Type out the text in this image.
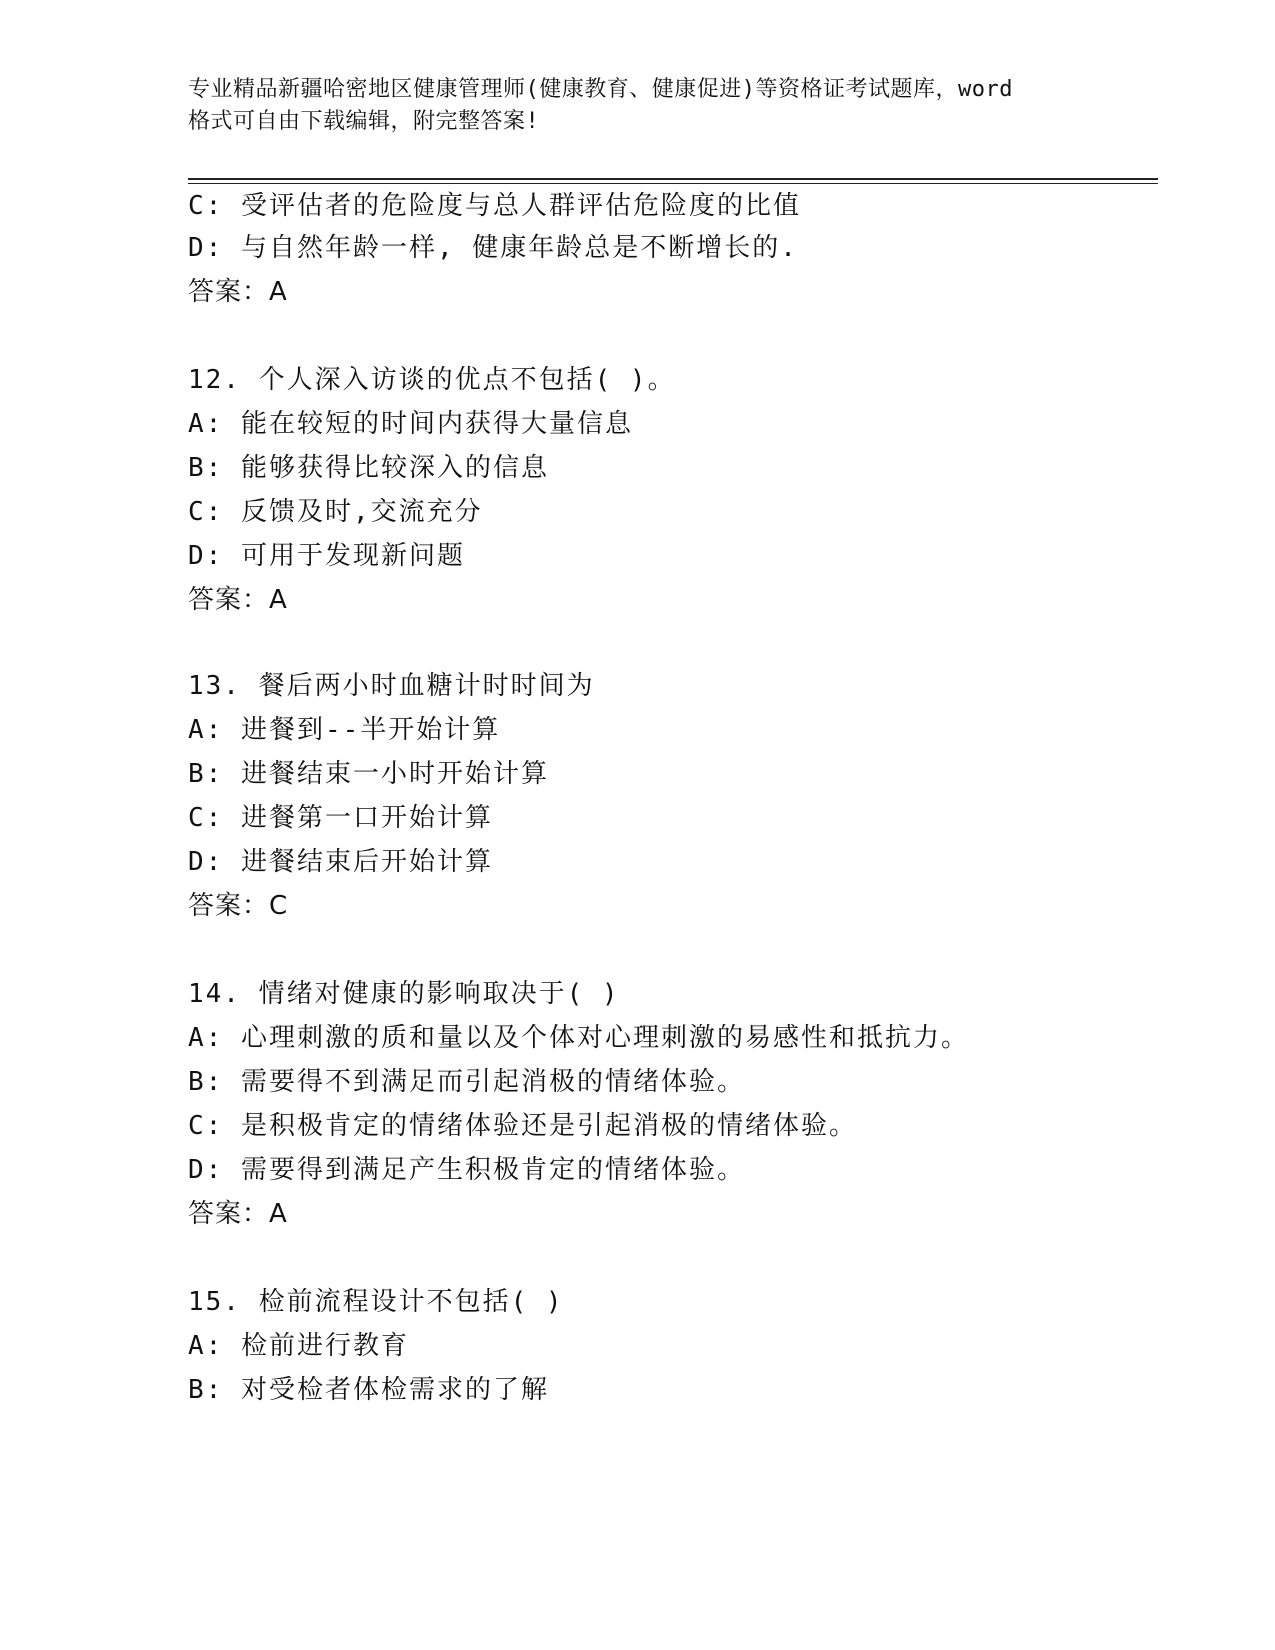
专业精品新疆哈密地区健康管理师(健康教育、健康促进)等资格证考试题库，word
格式可自由下载编辑，附完整答案!
C: 受评估者的危险度与总人群评估危险度的比值
D: 与自然年龄一样, 健康年龄总是不断增长的.
答案：A
12. 个人深入访谈的优点不包括( )。
A: 能在较短的时间内获得大量信息
B: 能够获得比较深入的信息
C: 反馈及时,交流充分
D: 可用于发现新问题
答案：A
13. 餐后两小时血糖计时时间为
A: 进餐到--半开始计算
B: 进餐结束一小时开始计算
C: 进餐第一口开始计算
D: 进餐结束后开始计算
答案：C
14. 情绪对健康的影响取决于( )
A: 心理刺激的质和量以及个体对心理刺激的易感性和抵抗力。
B: 需要得不到满足而引起消极的情绪体验。
C: 是积极肯定的情绪体验还是引起消极的情绪体验。
D: 需要得到满足产生积极肯定的情绪体验。
答案：A
15. 检前流程设计不包括( )
A: 检前进行教育
B: 对受检者体检需求的了解
